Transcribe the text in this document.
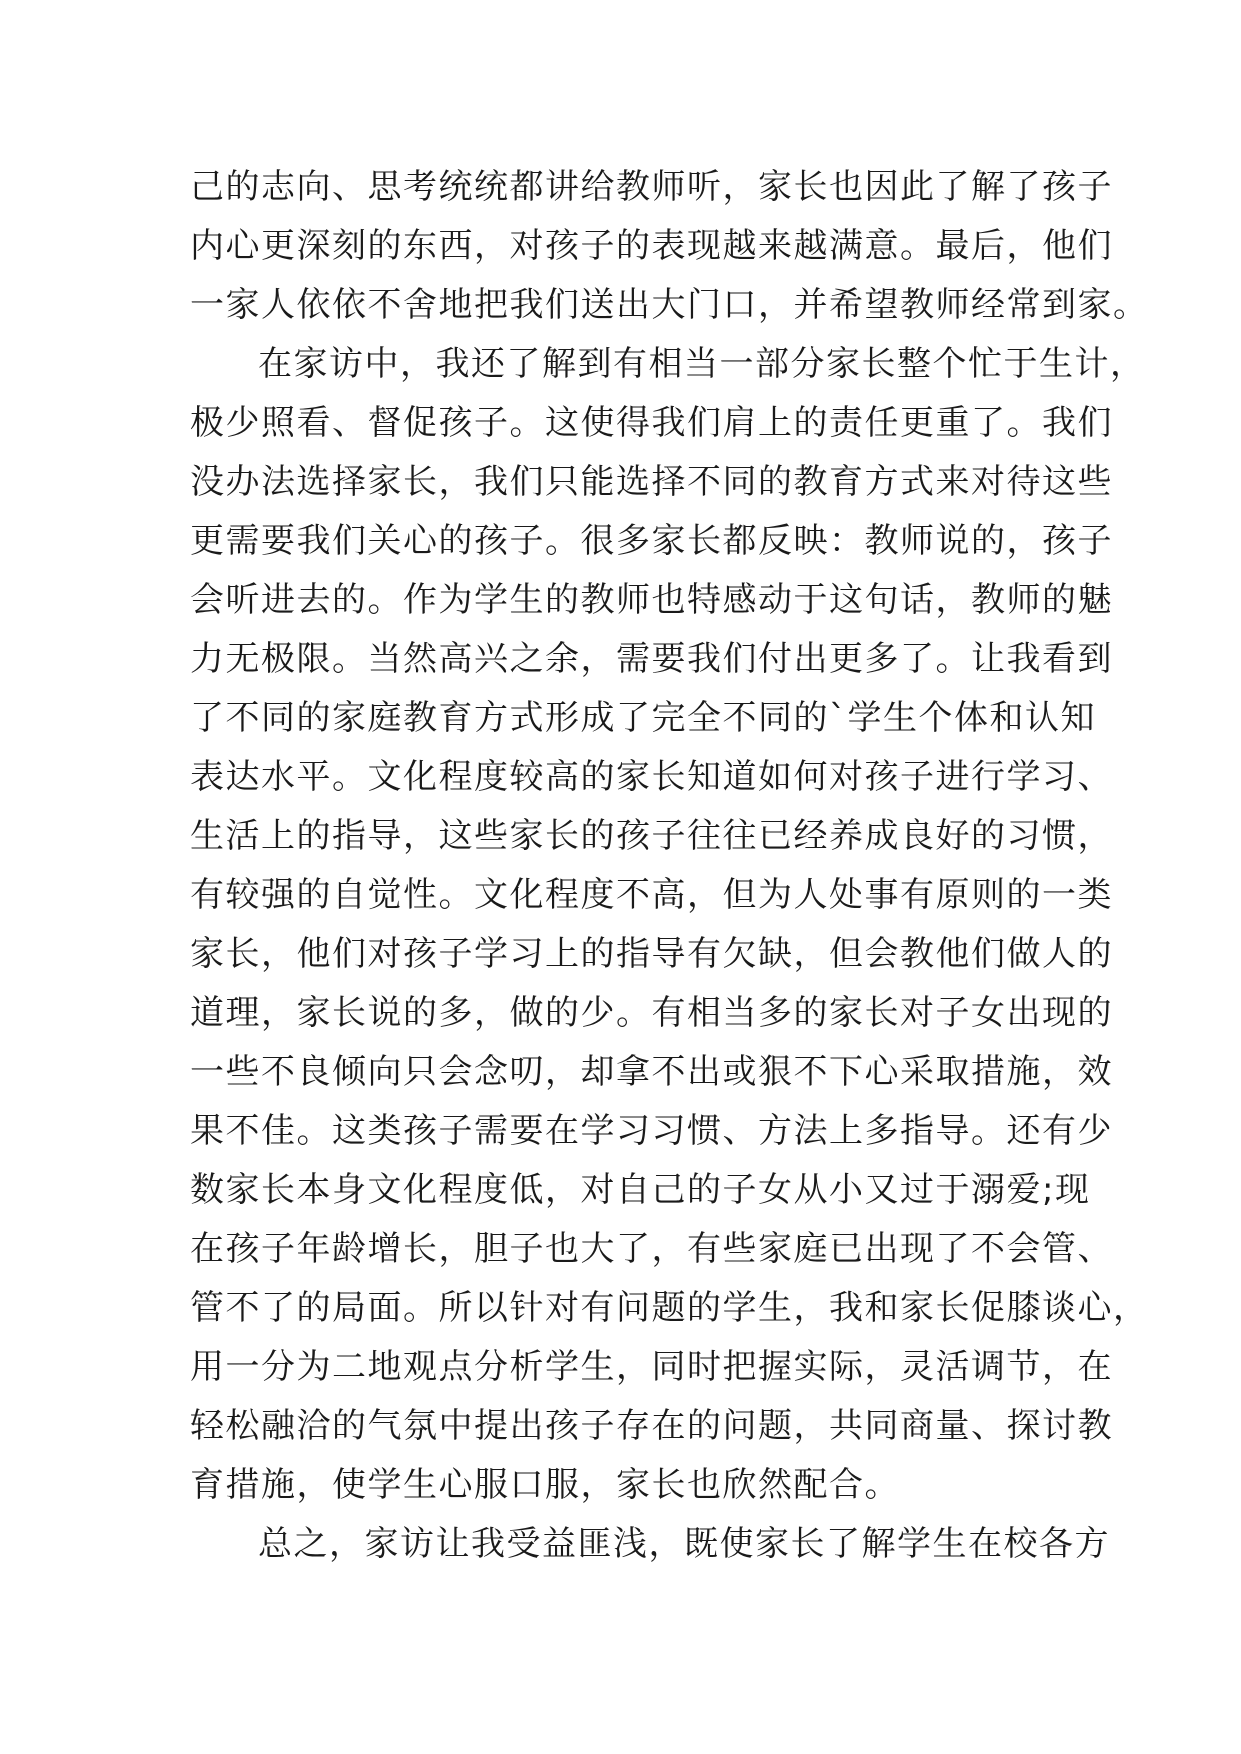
己的志向、思考统统都讲给教师听，家长也因此了解了孩子
内心更深刻的东西，对孩子的表现越来越满意。最后，他们
一家人依依不舍地把我们送出大门口，并希望教师经常到家。
在家访中，我还了解到有相当一部分家长整个忙于生计，
极少照看、督促孩子。这使得我们肩上的责任更重了。我们
没办法选择家长，我们只能选择不同的教育方式来对待这些
更需要我们关心的孩子。很多家长都反映：教师说的，孩子
会听进去的。作为学生的教师也特感动于这句话，教师的魅
力无极限。当然高兴之余，需要我们付出更多了。让我看到
了不同的家庭教育方式形成了完全不同的`学生个体和认知
表达水平。文化程度较高的家长知道如何对孩子进行学习、
生活上的指导，这些家长的孩子往往已经养成良好的习惯，
有较强的自觉性。文化程度不高，但为人处事有原则的一类
家长，他们对孩子学习上的指导有欠缺，但会教他们做人的
道理，家长说的多，做的少。有相当多的家长对子女出现的
一些不良倾向只会念叨，却拿不出或狠不下心采取措施，效
果不佳。这类孩子需要在学习习惯、方法上多指导。还有少
数家长本身文化程度低，对自己的子女从小又过于溺爱;现
在孩子年龄增长，胆子也大了，有些家庭已出现了不会管、
管不了的局面。所以针对有问题的学生，我和家长促膝谈心，
用一分为二地观点分析学生，同时把握实际，灵活调节，在
轻松融洽的气氛中提出孩子存在的问题，共同商量、探讨教
育措施，使学生心服口服，家长也欣然配合。
总之，家访让我受益匪浅，既使家长了解学生在校各方
